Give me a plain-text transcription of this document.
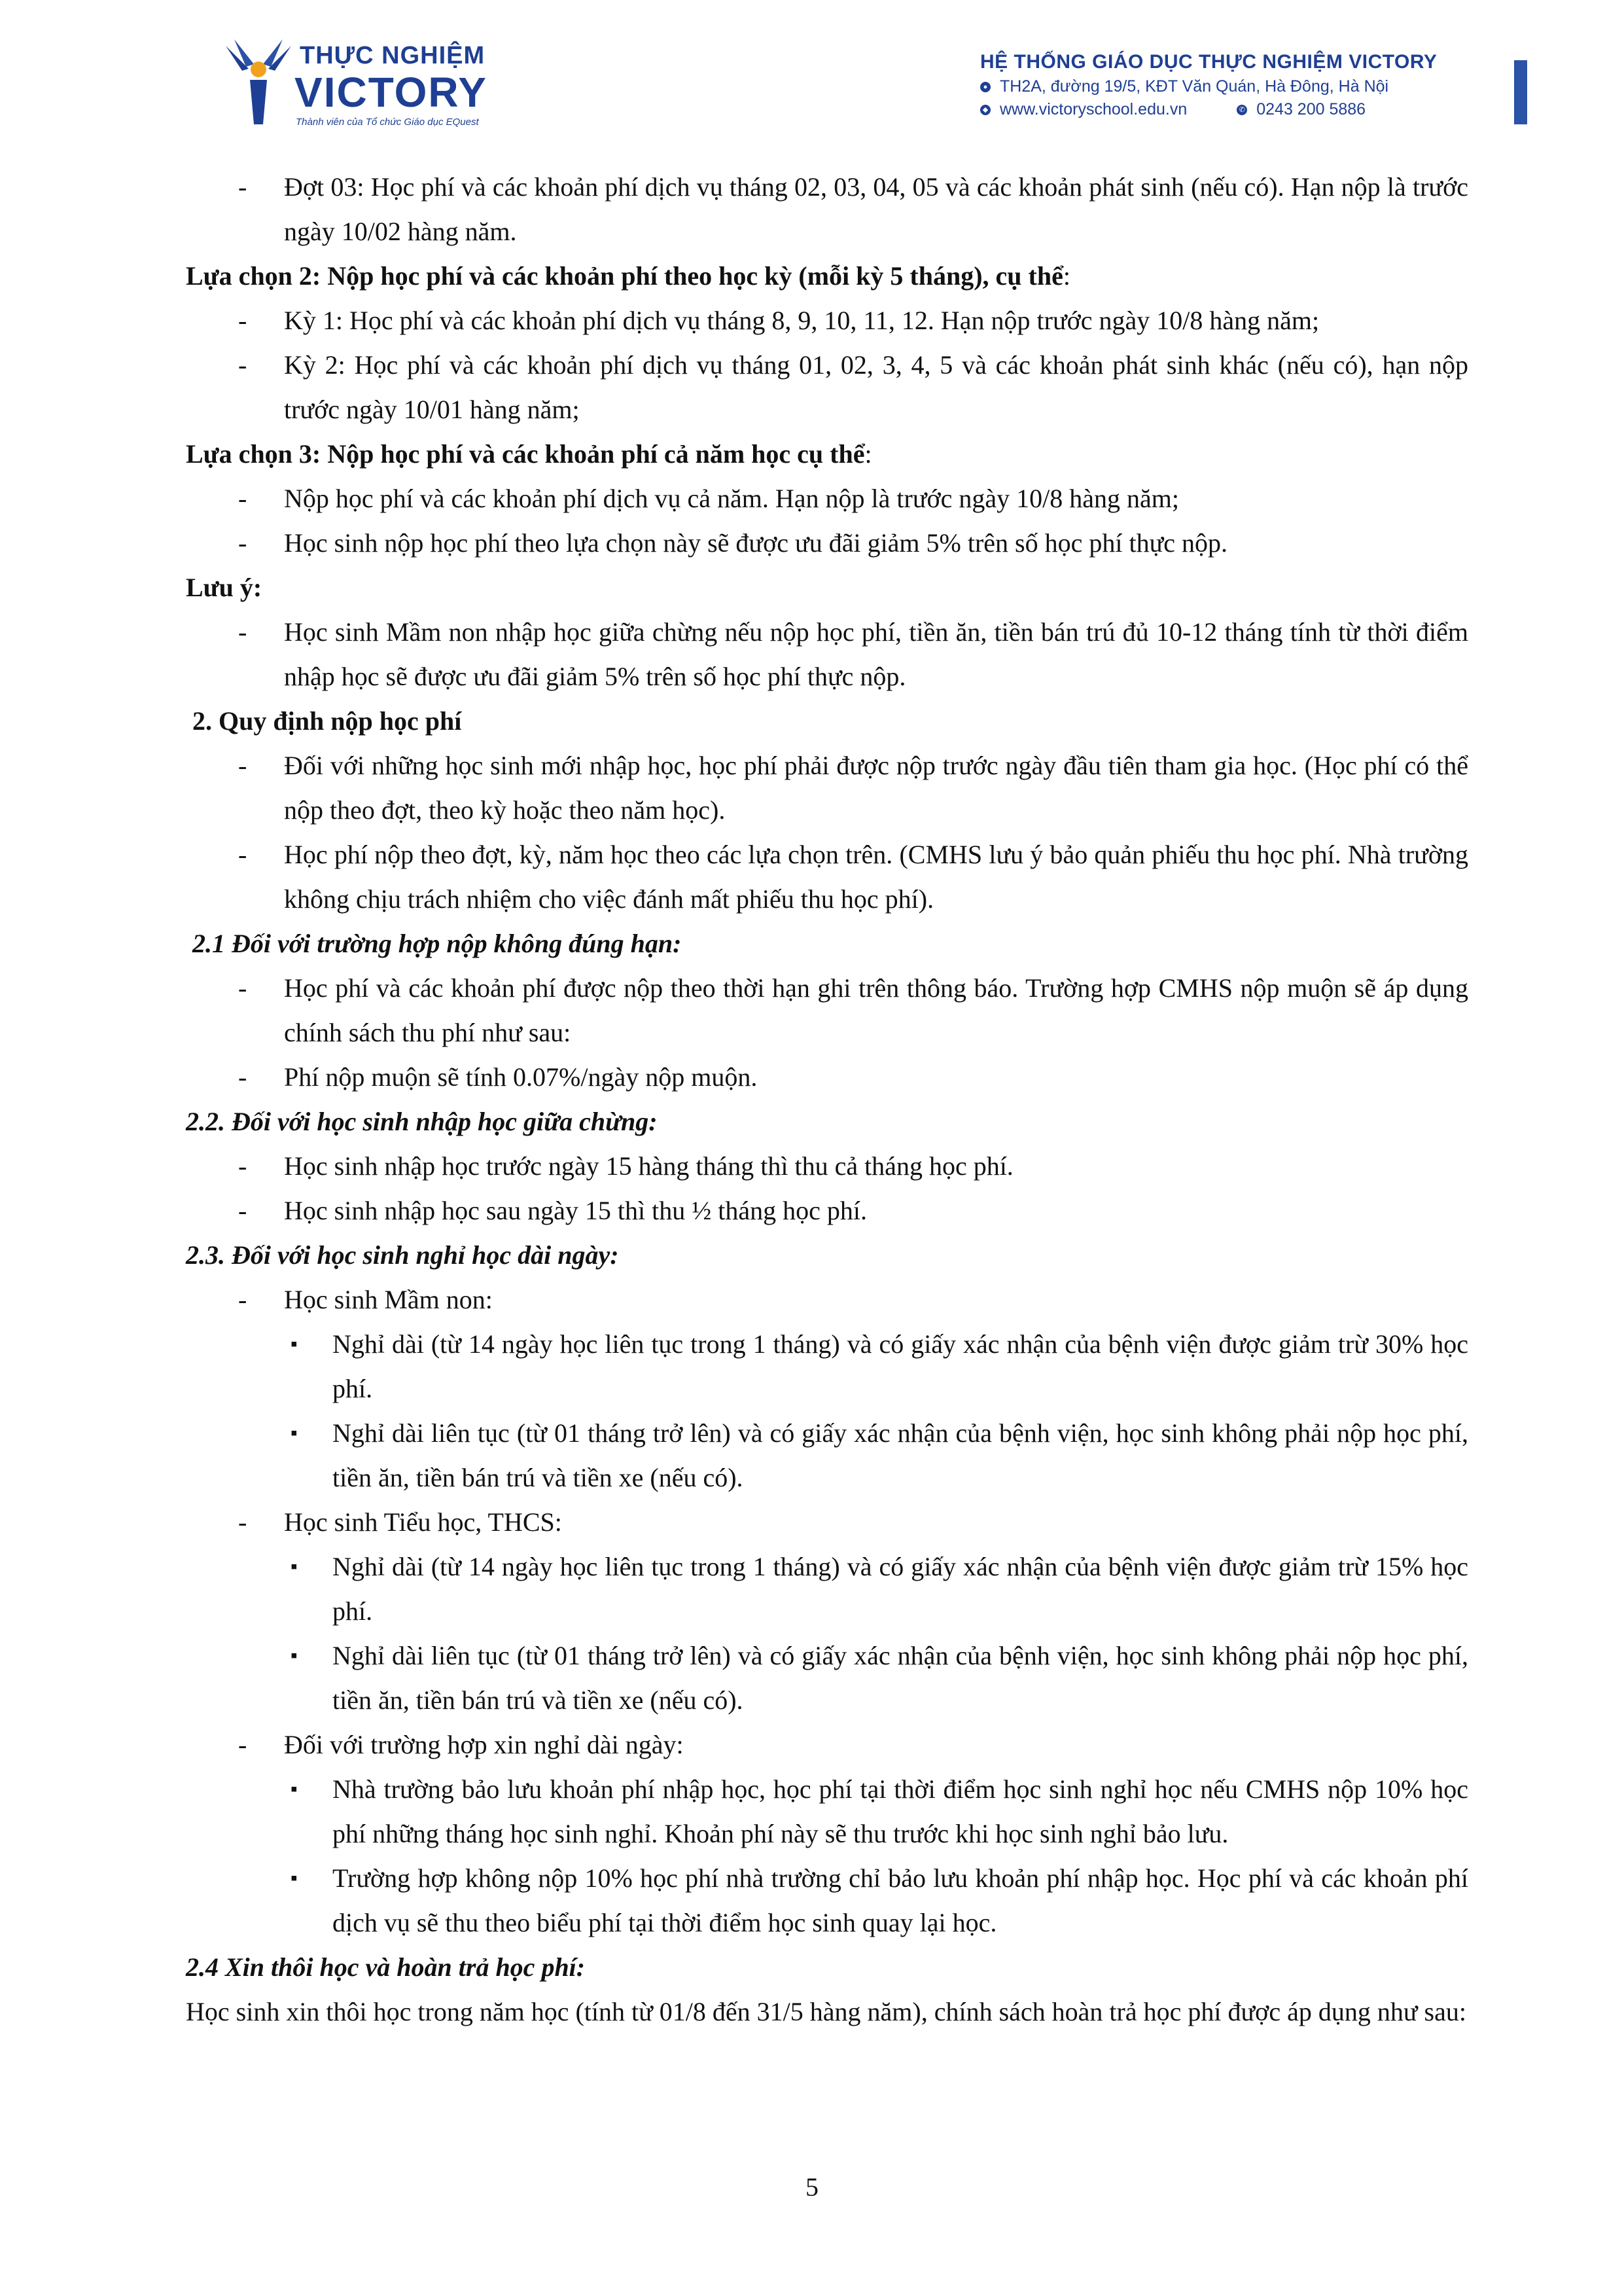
THỰC NGHIỆM
VICTORY
Thành viên của Tổ chức Giáo dục EQuest
HỆ THỐNG GIÁO DỤC THỰC NGHIỆM VICTORY
● TH2A, đường 19/5, KĐT Văn Quán, Hà Đông, Hà Nội
◆ www.victoryschool.edu.vn	✆ 0243 200 5886

- Đợt 03: Học phí và các khoản phí dịch vụ tháng 02, 03, 04, 05 và các khoản phát sinh (nếu có). Hạn nộp là trước ngày 10/02 hàng năm.

Lựa chọn 2: Nộp học phí và các khoản phí theo học kỳ (mỗi kỳ 5 tháng), cụ thể:

- Kỳ 1: Học phí và các khoản phí dịch vụ tháng 8, 9, 10, 11, 12. Hạn nộp trước ngày 10/8 hàng năm;

- Kỳ 2: Học phí và các khoản phí dịch vụ tháng 01, 02, 3, 4, 5 và các khoản phát sinh khác (nếu có), hạn nộp trước ngày 10/01 hàng năm;

Lựa chọn 3: Nộp học phí và các khoản phí cả năm học cụ thể:

- Nộp học phí và các khoản phí dịch vụ cả năm. Hạn nộp là trước ngày 10/8 hàng năm;

- Học sinh nộp học phí theo lựa chọn này sẽ được ưu đãi giảm 5% trên số học phí thực nộp.

Lưu ý:

- Học sinh Mầm non nhập học giữa chừng nếu nộp học phí, tiền ăn, tiền bán trú đủ 10-12 tháng tính từ thời điểm nhập học sẽ được ưu đãi giảm 5% trên số học phí thực nộp.

2. Quy định nộp học phí

- Đối với những học sinh mới nhập học, học phí phải được nộp trước ngày đầu tiên tham gia học. (Học phí có thể nộp theo đợt, theo kỳ hoặc theo năm học).

- Học phí nộp theo đợt, kỳ, năm học theo các lựa chọn trên. (CMHS lưu ý bảo quản phiếu thu học phí. Nhà trường không chịu trách nhiệm cho việc đánh mất phiếu thu học phí).

2.1 Đối với trường hợp nộp không đúng hạn:

- Học phí và các khoản phí được nộp theo thời hạn ghi trên thông báo. Trường hợp CMHS nộp muộn sẽ áp dụng chính sách thu phí như sau:

- Phí nộp muộn sẽ tính 0.07%/ngày nộp muộn.

2.2. Đối với học sinh nhập học giữa chừng:

- Học sinh nhập học trước ngày 15 hàng tháng thì thu cả tháng học phí.

- Học sinh nhập học sau ngày 15 thì thu ½ tháng học phí.

2.3. Đối với học sinh nghỉ học dài ngày:

- Học sinh Mầm non:

▪ Nghỉ dài (từ 14 ngày học liên tục trong 1 tháng) và có giấy xác nhận của bệnh viện được giảm trừ 30% học phí.

▪ Nghỉ dài liên tục (từ 01 tháng trở lên) và có giấy xác nhận của bệnh viện, học sinh không phải nộp học phí, tiền ăn, tiền bán trú và tiền xe (nếu có).

- Học sinh Tiểu học, THCS:

▪ Nghỉ dài (từ 14 ngày học liên tục trong 1 tháng) và có giấy xác nhận của bệnh viện được giảm trừ 15% học phí.

▪ Nghỉ dài liên tục (từ 01 tháng trở lên) và có giấy xác nhận của bệnh viện, học sinh không phải nộp học phí, tiền ăn, tiền bán trú và tiền xe (nếu có).

- Đối với trường hợp xin nghỉ dài ngày:

▪ Nhà trường bảo lưu khoản phí nhập học, học phí tại thời điểm học sinh nghỉ học nếu CMHS nộp 10% học phí những tháng học sinh nghỉ. Khoản phí này sẽ thu trước khi học sinh nghỉ bảo lưu.

▪ Trường hợp không nộp 10% học phí nhà trường chỉ bảo lưu khoản phí nhập học. Học phí và các khoản phí dịch vụ sẽ thu theo biểu phí tại thời điểm học sinh quay lại học.

2.4 Xin thôi học và hoàn trả học phí:

Học sinh xin thôi học trong năm học (tính từ 01/8 đến 31/5 hàng năm), chính sách hoàn trả học phí được áp dụng như sau:

5
